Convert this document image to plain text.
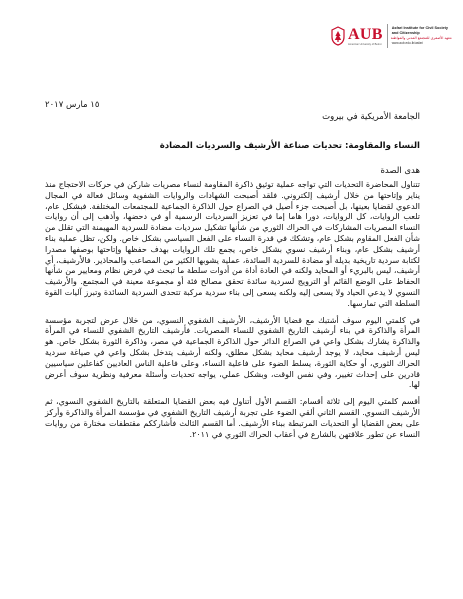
AUB
American University of Beirut
Asfari Institute for Civil Society and Citizenship
معهد الأصفري للمجتمع المدني والمواطنة
www.aub.edu.lb/asfari
١٥ مارس ٢٠١٧
الجامعة الأمريكية في بيروت
النساء والمقاومة: تحديات صناعة الأرشيف والسرديات المضادة
هدى الصدة

تتناول المحاضرة التحديات التي تواجه عملية توثيق ذاكرة المقاومة لنساء مصريات شاركن في حركات الاحتجاج منذ يناير وإتاحتها من خلال أرشيف إلكتروني. فلقد أصبحت الشهادات والروايات الشفوية وسائل فعالة في المجال الدعوي لقضايا بعينها، بل أصبحت جزء أصيل في الصراع حول الذاكرة الجماعية للمجتمعات المختلفة. فبشكل عام، تلعب الروايات، كل الروايات، دورا هاما إما في تعزيز السرديات الرسمية أو في دحضها، وأذهب إلى أن روايات النساء المصريات المشاركات في الحراك الثوري من شأنها تشكيل سرديات مضادة للسردية المهيمنة التي تقلل من شأن الفعل المقاوم بشكل عام، وتشكك في قدرة النساء على الفعل السياسي بشكل خاص. ولكن، تظل عملية بناء أرشيف بشكل عام، وبناء أرشيف نسوي بشكل خاص، يجمع تلك الروايات بهدف حفظها وإتاحتها بوصفها مصدرا لكتابة سردية تاريخية بديلة أو مضادة للسردية السائدة، عملية يشوبها الكثير من المصاعب والمحاذير. فالأرشيف، أي أرشيف، ليس بالبريء أو المحايد ولكنه في العادة أداة من أدوات سلطة ما تبحث في فرض نظام ومعايير من شأنها الحفاظ على الوضع القائم أو الترويج لسردية سائدة تحقق مصالح فئة أو مجموعة معينة في المجتمع. والأرشيف النسوي لا يدعي الحياد ولا يسعى إليه ولكنه يسعى إلى بناء سردية مركبة تتحدى السردية السائدة وتبرز آليات القوة السلطة التي تمارسها.

في كلمتي اليوم سوف أشتبك مع قضايا الأرشيف، الأرشيف الشفوي النسوي، من خلال عرض لتجربة مؤسسة المرأة والذاكرة في بناء أرشيف التاريخ الشفوي للنساء المصريات. فأرشيف التاريخ الشفوي للنساء في المرأة والذاكرة يشارك بشكل واعي في الصراع الدائر حول الذاكرة الجماعية في مصر، وذاكرة الثورة بشكل خاص. هو ليس أرشيف محايد، لا يوجد أرشيف محايد بشكل مطلق، ولكنه أرشيف يتدخل بشكل واعي في صياغة سردية الحراك الثوري، أو حكاية الثورة، يسلط الضوء على فاعلية النساء، وعلى فاعلية الناس العاديين كفاعلين سياسيين قادرين على إحداث تغيير، وفي نفس الوقت، وبشكل عملي، يواجه تحديات وأسئلة معرفية ونظرية سوف أعرض لها.

أقسم كلمتي اليوم إلى ثلاثة أقسام: القسم الأول أتناول فيه بعض القضايا المتعلقة بالتاريخ الشفوي النسوي، ثم الأرشيف النسوي. القسم الثاني ألقي الضوء على تجربة أرشيف التاريخ الشفوي في مؤسسة المرأة والذاكرة وأركز على بعض القضايا أو التحديات المرتبطة ببناء الأرشيف. أما القسم الثالث فأشارككم مقتطفات مختارة من روايات النساء عن تطور علاقتهن بالشارع في أعقاب الحراك الثوري في ٢٠١١.
